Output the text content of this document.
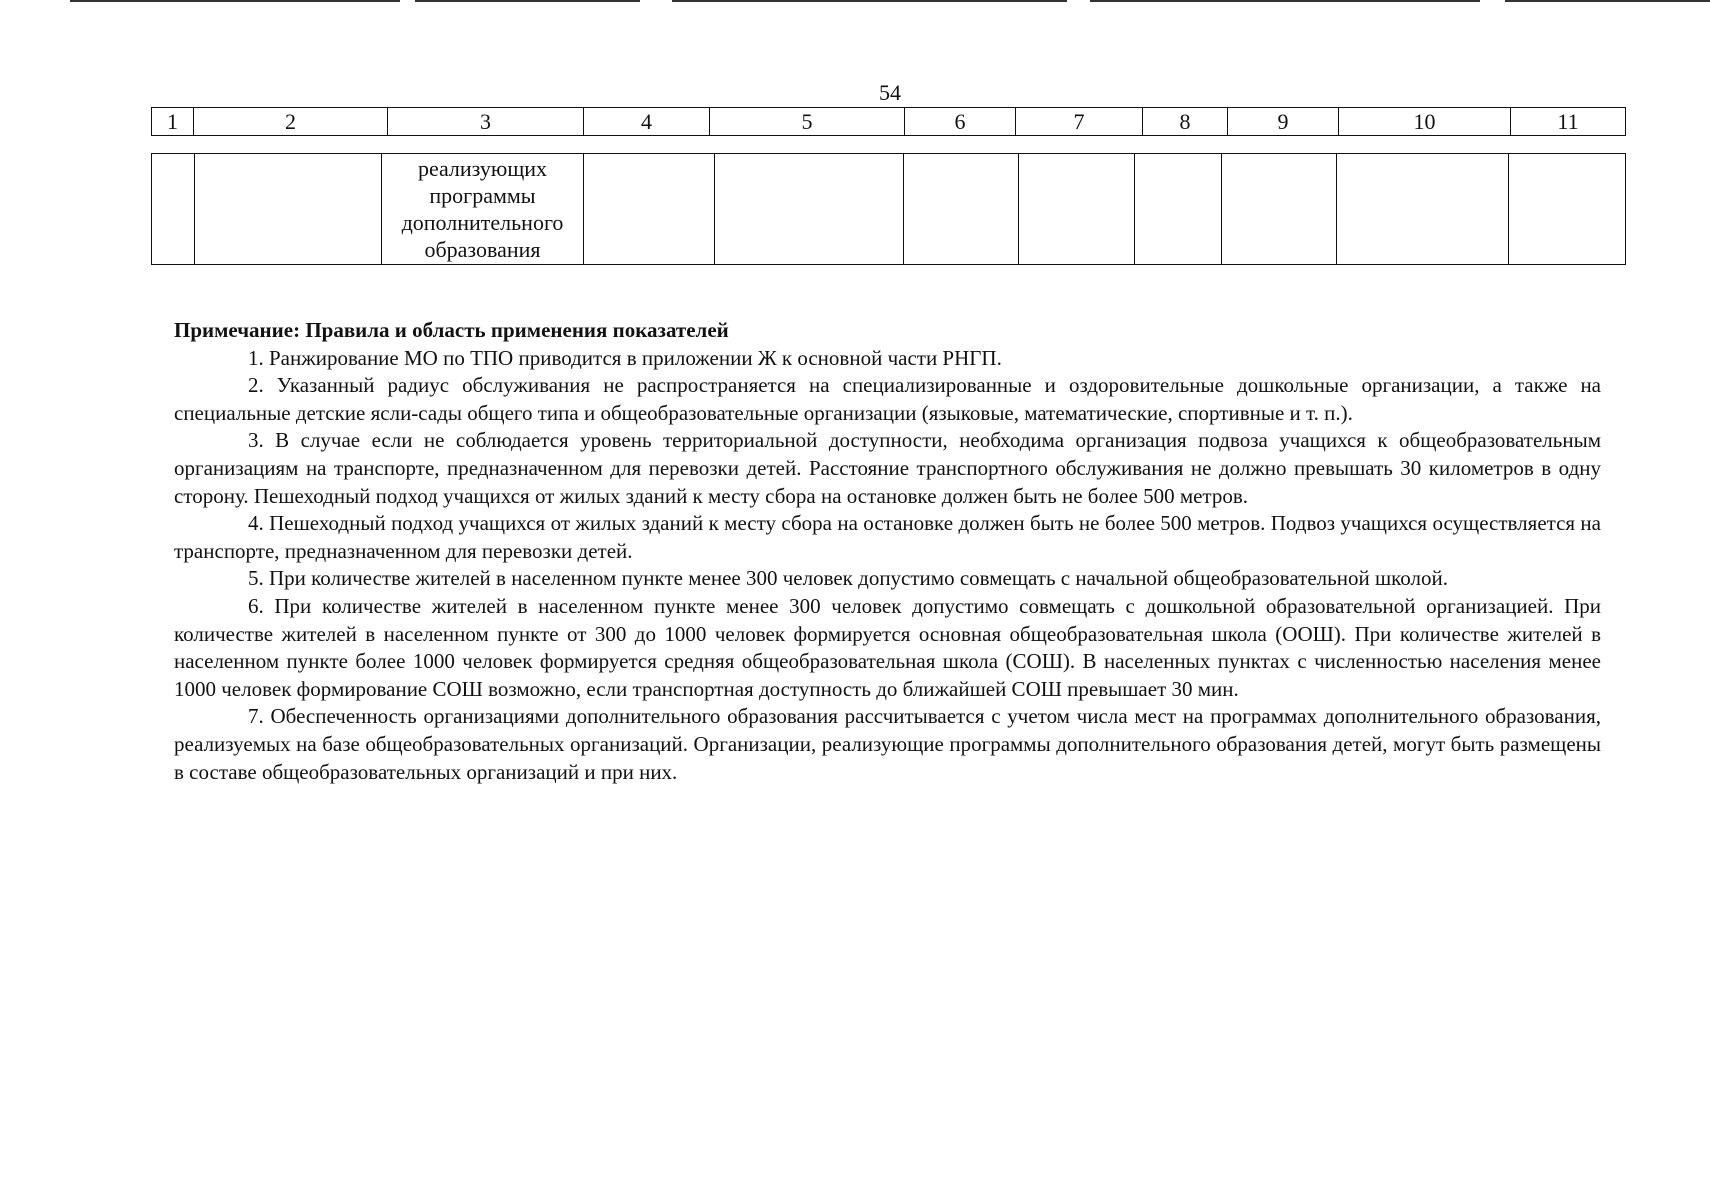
54
1	2	3	4	5	6	7	8	9	10	11
		реализующих программы дополнительного образования								
Примечание: Правила и область применения показателей

1. Ранжирование МО по ТПО приводится в приложении Ж к основной части РНГП.

2. Указанный радиус обслуживания не распространяется на специализированные и оздоровительные дошкольные организации, а также на специальные детские ясли-сады общего типа и общеобразовательные организации (языковые, математические, спортивные и т. п.).

3. В случае если не соблюдается уровень территориальной доступности, необходима организация подвоза учащихся к общеобразовательным организациям на транспорте, предназначенном для перевозки детей. Расстояние транспортного обслуживания не должно превышать 30 километров в одну сторону. Пешеходный подход учащихся от жилых зданий к месту сбора на остановке должен быть не более 500 метров.

4. Пешеходный подход учащихся от жилых зданий к месту сбора на остановке должен быть не более 500 метров. Подвоз учащихся осуществляется на транспорте, предназначенном для перевозки детей.

5. При количестве жителей в населенном пункте менее 300 человек допустимо совмещать с начальной общеобразовательной школой.

6. При количестве жителей в населенном пункте менее 300 человек допустимо совмещать с дошкольной образовательной организацией. При количестве жителей в населенном пункте от 300 до 1000 человек формируется основная общеобразовательная школа (ООШ). При количестве жителей в населенном пункте более 1000 человек формируется средняя общеобразовательная школа (СОШ). В населенных пунктах с численностью населения менее 1000 человек формирование СОШ возможно, если транспортная доступность до ближайшей СОШ превышает 30 мин.

7. Обеспеченность организациями дополнительного образования рассчитывается с учетом числа мест на программах дополнительного образования, реализуемых на базе общеобразовательных организаций. Организации, реализующие программы дополнительного образования детей, могут быть размещены в составе общеобразовательных организаций и при них.
